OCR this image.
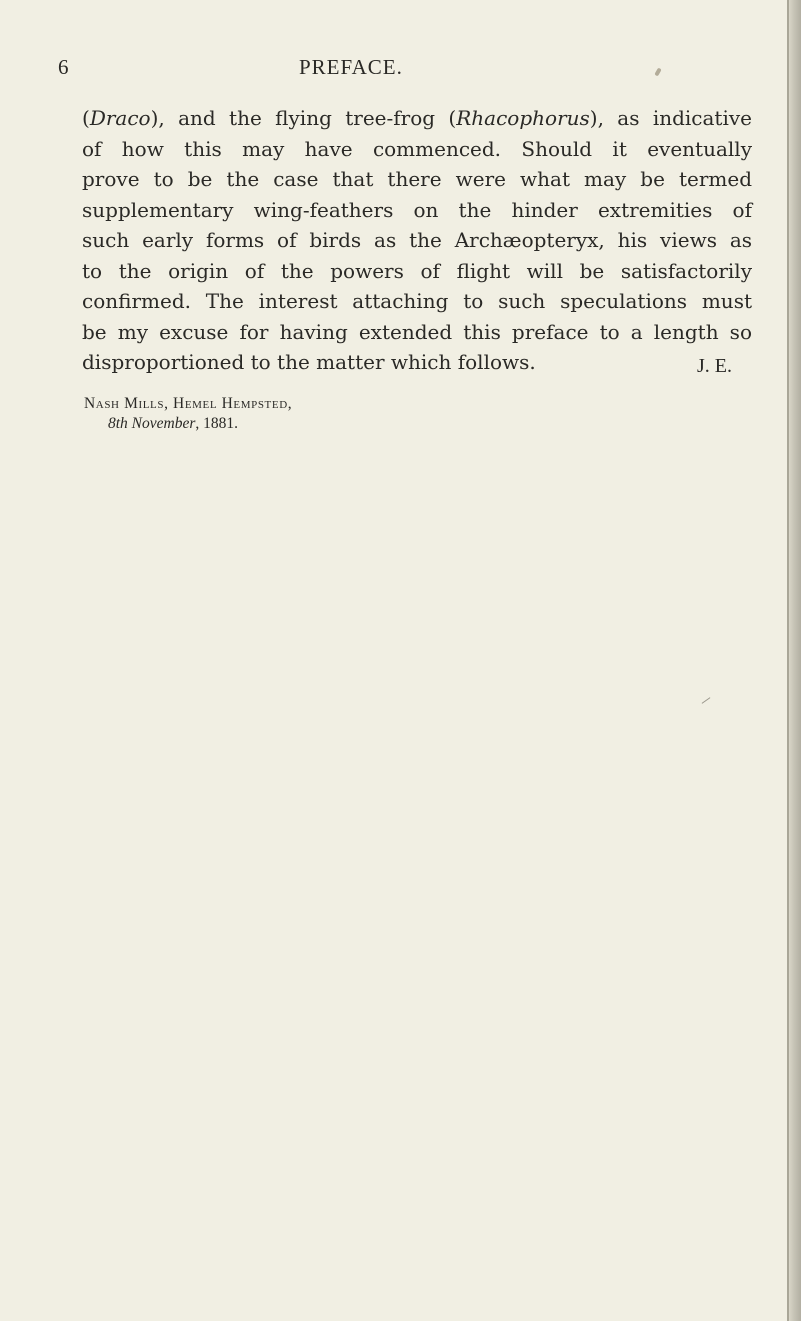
6	PREFACE.
(Draco), and the flying tree-frog (Rhacophorus), as indicative
of how this may have commenced. Should it eventually
prove to be the case that there were what may be termed
supplementary wing-feathers on the hinder extremities of
such early forms of birds as the Archæopteryx, his views as
to the origin of the powers of flight will be satisfactorily
confirmed. The interest attaching to such speculations must
be my excuse for having extended this preface to a length so
disproportioned to the matter which follows.	J. E.
Nash Mills, Hemel Hempsted,
8th November, 1881.
